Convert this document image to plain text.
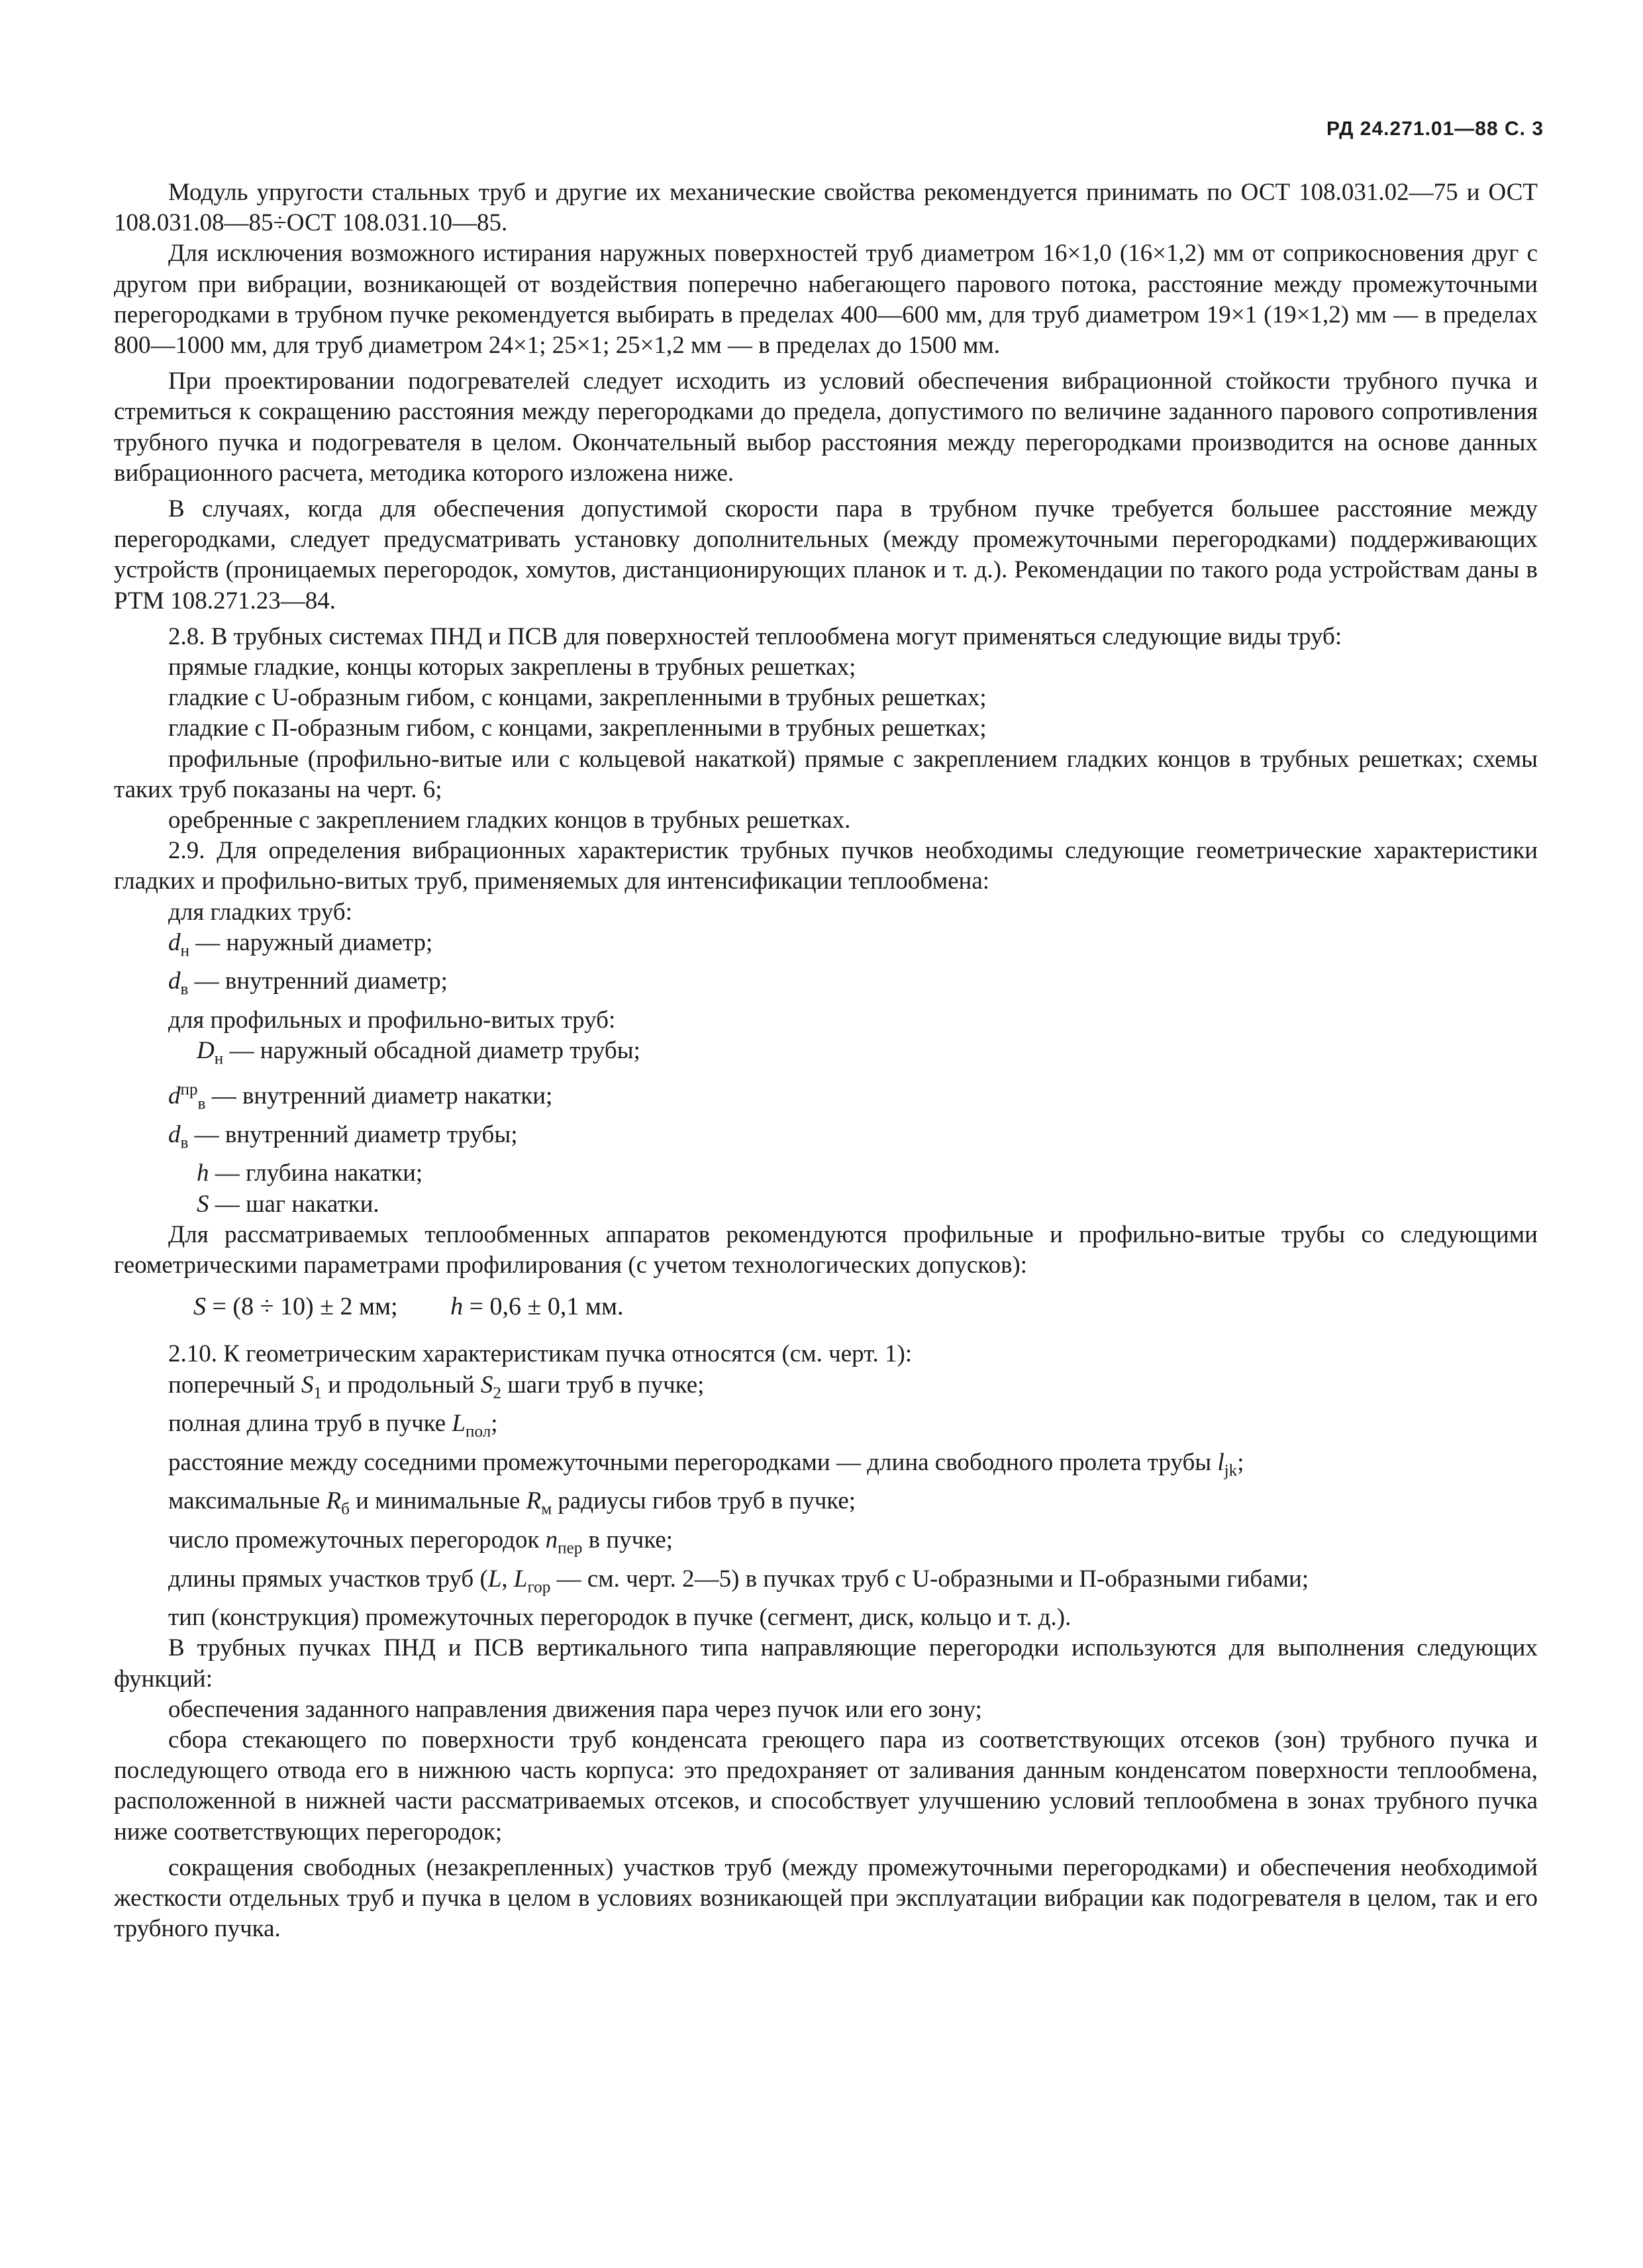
РД 24.271.01—88 С. 3

Модуль упругости стальных труб и другие их механические свойства рекомендуется принимать по ОСТ 108.031.02—75 и ОСТ 108.031.08—85÷ОСТ 108.031.10—85.

Для исключения возможного истирания наружных поверхностей труб диаметром 16×1,0 (16×1,2) мм от соприкосновения друг с другом при вибрации, возникающей от воздействия поперечно набегающего парового потока, расстояние между промежуточными перегородками в трубном пучке рекомендуется выбирать в пределах 400—600 мм, для труб диаметром 19×1 (19×1,2) мм — в пределах 800—1000 мм, для труб диаметром 24×1; 25×1; 25×1,2 мм — в пределах до 1500 мм.

При проектировании подогревателей следует исходить из условий обеспечения вибрационной стойкости трубного пучка и стремиться к сокращению расстояния между перегородками до предела, допустимого по величине заданного парового сопротивления трубного пучка и подогревателя в целом. Окончательный выбор расстояния между перегородками производится на основе данных вибрационного расчета, методика которого изложена ниже.

В случаях, когда для обеспечения допустимой скорости пара в трубном пучке требуется большее расстояние между перегородками, следует предусматривать установку дополнительных (между промежуточными перегородками) поддерживающих устройств (проницаемых перегородок, хомутов, дистанционирующих планок и т. д.). Рекомендации по такого рода устройствам даны в РТМ 108.271.23—84.

2.8. В трубных системах ПНД и ПСВ для поверхностей теплообмена могут применяться следующие виды труб:

прямые гладкие, концы которых закреплены в трубных решетках;

гладкие с U-образным гибом, с концами, закрепленными в трубных решетках;

гладкие с П-образным гибом, с концами, закрепленными в трубных решетках;

профильные (профильно-витые или с кольцевой накаткой) прямые с закреплением гладких концов в трубных решетках; схемы таких труб показаны на черт. 6;

оребренные с закреплением гладких концов в трубных решетках.

2.9. Для определения вибрационных характеристик трубных пучков необходимы следующие геометрические характеристики гладких и профильно-витых труб, применяемых для интенсификации теплообмена:

для гладких труб:

$d_н$ — наружный диаметр;

$d_в$ — внутренний диаметр;

для профильных и профильно-витых труб:

$D_н$ — наружный обсадной диаметр трубы;

$d^{пр}_в$ — внутренний диаметр накатки;

$d_в$ — внутренний диаметр трубы;

h — глубина накатки;

S — шаг накатки.

Для рассматриваемых теплообменных аппаратов рекомендуются профильные и профильно-витые трубы со следующими геометрическими параметрами профилирования (с учетом технологических допусков):

S = (8 ÷ 10) ± 2 мм; h = 0,6 ± 0,1 мм.

2.10. К геометрическим характеристикам пучка относятся (см. черт. 1):

поперечный $S_1$ и продольный $S_2$ шаги труб в пучке;

полная длина труб в пучке $L_{пол}$;

расстояние между соседними промежуточными перегородками — длина свободного пролета трубы $l_{jk}$;

максимальные $R_б$ и минимальные $R_м$ радиусы гибов труб в пучке;

число промежуточных перегородок $n_{пер}$ в пучке;

длины прямых участков труб (L, $L_{гор}$ — см. черт. 2—5) в пучках труб с U-образными и П-образными гибами;

тип (конструкция) промежуточных перегородок в пучке (сегмент, диск, кольцо и т. д.).

В трубных пучках ПНД и ПСВ вертикального типа направляющие перегородки используются для выполнения следующих функций:

обеспечения заданного направления движения пара через пучок или его зону;

сбора стекающего по поверхности труб конденсата греющего пара из соответствующих отсеков (зон) трубного пучка и последующего отвода его в нижнюю часть корпуса: это предохраняет от заливания данным конденсатом поверхности теплообмена, расположенной в нижней части рассматриваемых отсеков, и способствует улучшению условий теплообмена в зонах трубного пучка ниже соответствующих перегородок;

сокращения свободных (незакрепленных) участков труб (между промежуточными перегородками) и обеспечения необходимой жесткости отдельных труб и пучка в целом в условиях возникающей при эксплуатации вибрации как подогревателя в целом, так и его трубного пучка.
